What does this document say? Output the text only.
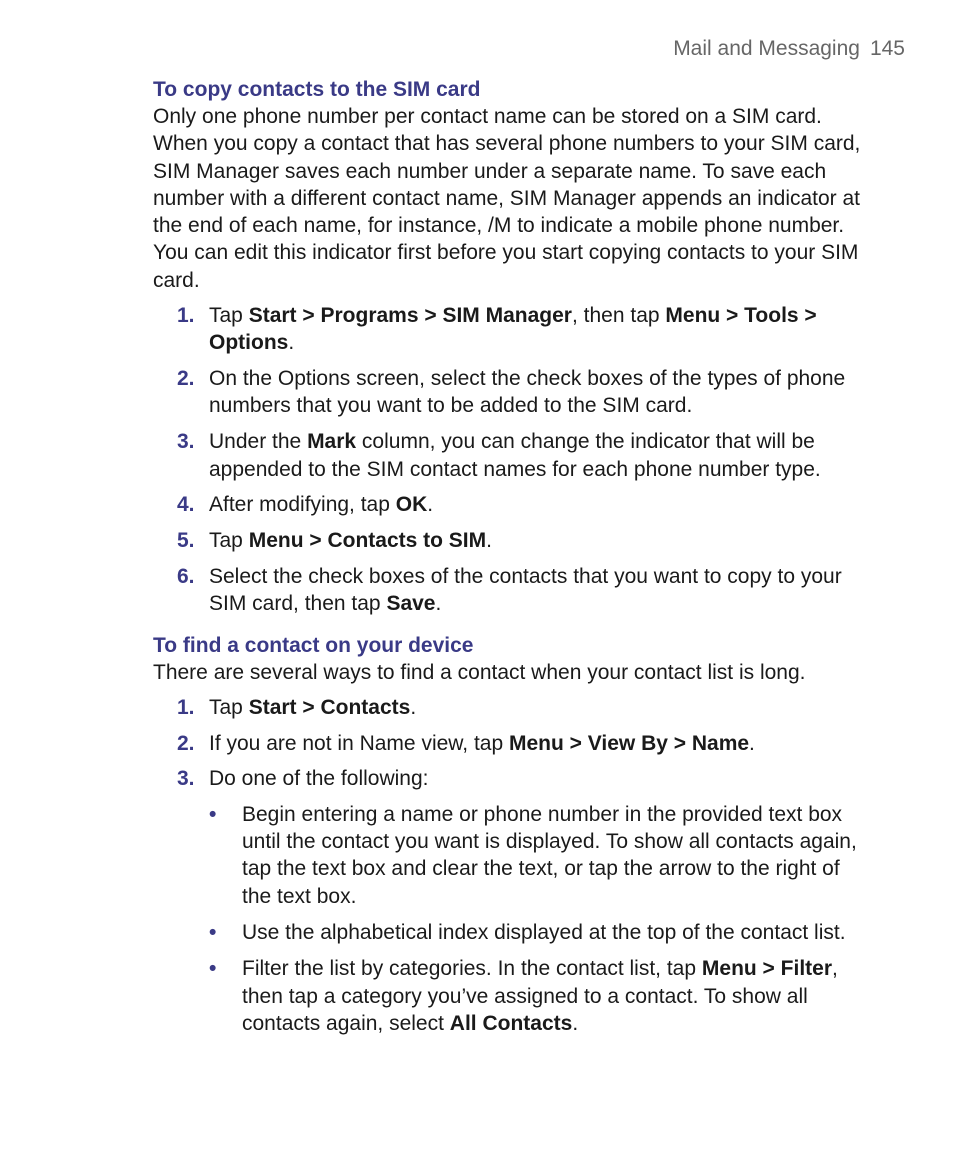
Mail and Messaging 145
To copy contacts to the SIM card

Only one phone number per contact name can be stored on a SIM card. When you copy a contact that has several phone numbers to your SIM card, SIM Manager saves each number under a separate name. To save each number with a different contact name, SIM Manager appends an indicator at the end of each name, for instance, /M to indicate a mobile phone number. You can edit this indicator first before you start copying contacts to your SIM card.

1. Tap Start > Programs > SIM Manager, then tap Menu > Tools > Options.
2. On the Options screen, select the check boxes of the types of phone numbers that you want to be added to the SIM card.
3. Under the Mark column, you can change the indicator that will be appended to the SIM contact names for each phone number type.
4. After modifying, tap OK.
5. Tap Menu > Contacts to SIM.
6. Select the check boxes of the contacts that you want to copy to your SIM card, then tap Save.
To find a contact on your device

There are several ways to find a contact when your contact list is long.

1. Tap Start > Contacts.
2. If you are not in Name view, tap Menu > View By > Name.
3. Do one of the following:
• Begin entering a name or phone number in the provided text box until the contact you want is displayed. To show all contacts again, tap the text box and clear the text, or tap the arrow to the right of the text box.
• Use the alphabetical index displayed at the top of the contact list.
• Filter the list by categories. In the contact list, tap Menu > Filter, then tap a category you’ve assigned to a contact. To show all contacts again, select All Contacts.
